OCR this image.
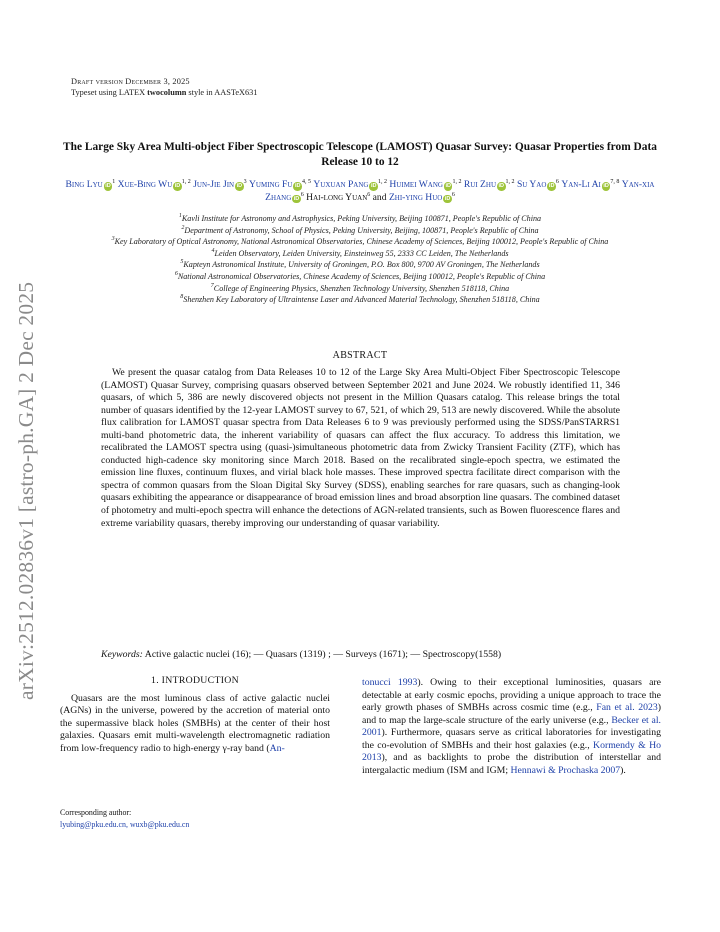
arXiv:2512.02836v1 [astro-ph.GA] 2 Dec 2025
Draft version December 3, 2025
Typeset using LATEX twocolumn style in AASTeX631
The Large Sky Area Multi-object Fiber Spectroscopic Telescope (LAMOST) Quasar Survey: Quasar Properties from Data Release 10 to 12
Bing Lyu $iD^1$ Xue-Bing Wu iD$^{1, 2}$ Jun-Jie Jin $iD^3$ Yuming Fu iD$^{4, 5}$ Yuxuan Pang iD$^{1, 2}$ Huimei Wang iD$^{1, 2}$ Rui Zhu iD$^{1, 2}$ Su Yao $iD^6$ Yan-Li Ai iD$^{7, 8}$ Yan-xia Zhang $iD^6$ Hai-long Yuan$^6$ and Zhi-ying Huo $iD^6$
$^1$Kavli Institute for Astronomy and Astrophysics, Peking University, Beijing 100871, People's Republic of China
$^2$Department of Astronomy, School of Physics, Peking University, Beijing, 100871, People's Republic of China
$^3$Key Laboratory of Optical Astronomy, National Astronomical Observatories, Chinese Academy of Sciences, Beijing 100012, People's Republic of China
$^4$Leiden Observatory, Leiden University, Einsteinweg 55, 2333 CC Leiden, The Netherlands
$^5$Kapteyn Astronomical Institute, University of Groningen, P.O. Box 800, 9700 AV Groningen, The Netherlands
$^6$National Astronomical Observatories, Chinese Academy of Sciences, Beijing 100012, People's Republic of China
$^7$College of Engineering Physics, Shenzhen Technology University, Shenzhen 518118, China
$^8$Shenzhen Key Laboratory of Ultraintense Laser and Advanced Material Technology, Shenzhen 518118, China
ABSTRACT
We present the quasar catalog from Data Releases 10 to 12 of the Large Sky Area Multi-Object Fiber Spectroscopic Telescope (LAMOST) Quasar Survey, comprising quasars observed between September 2021 and June 2024. We robustly identified 11, 346 quasars, of which 5, 386 are newly discovered objects not present in the Million Quasars catalog. This release brings the total number of quasars identified by the 12-year LAMOST survey to 67, 521, of which 29, 513 are newly discovered. While the absolute flux calibration for LAMOST quasar spectra from Data Releases 6 to 9 was previously performed using the SDSS/PanSTARRS1 multi-band photometric data, the inherent variability of quasars can affect the flux accuracy. To address this limitation, we recalibrated the LAMOST spectra using (quasi-)simultaneous photometric data from Zwicky Transient Facility (ZTF), which has conducted high-cadence sky monitoring since March 2018. Based on the recalibrated single-epoch spectra, we estimated the emission line fluxes, continuum fluxes, and virial black hole masses. These improved spectra facilitate direct comparison with the spectra of common quasars from the Sloan Digital Sky Survey (SDSS), enabling searches for rare quasars, such as changing-look quasars exhibiting the appearance or disappearance of broad emission lines and broad absorption line quasars. The combined dataset of photometry and multi-epoch spectra will enhance the detections of AGN-related transients, such as Bowen fluorescence flares and extreme variability quasars, thereby improving our understanding of quasar variability.
Keywords: Active galactic nuclei (16); — Quasars (1319) ; — Surveys (1671); — Spectroscopy(1558)
1. INTRODUCTION
Quasars are the most luminous class of active galactic nuclei (AGNs) in the universe, powered by the accretion of material onto the supermassive black holes (SMBHs) at the center of their host galaxies. Quasars emit multi-wavelength electromagnetic radiation from low-frequency radio to high-energy γ-ray band (An-
tonucci 1993). Owing to their exceptional luminosities, quasars are detectable at early cosmic epochs, providing a unique approach to trace the early growth phases of SMBHs across cosmic time (e.g., Fan et al. 2023) and to map the large-scale structure of the early universe (e.g., Becker et al. 2001). Furthermore, quasars serve as critical laboratories for investigating the co-evolution of SMBHs and their host galaxies (e.g., Kormendy & Ho 2013), and as backlights to probe the distribution of interstellar and intergalactic medium (ISM and IGM; Hennawi & Prochaska 2007).
Corresponding author:
lyubing@pku.edu.cn, wuxb@pku.edu.cn
